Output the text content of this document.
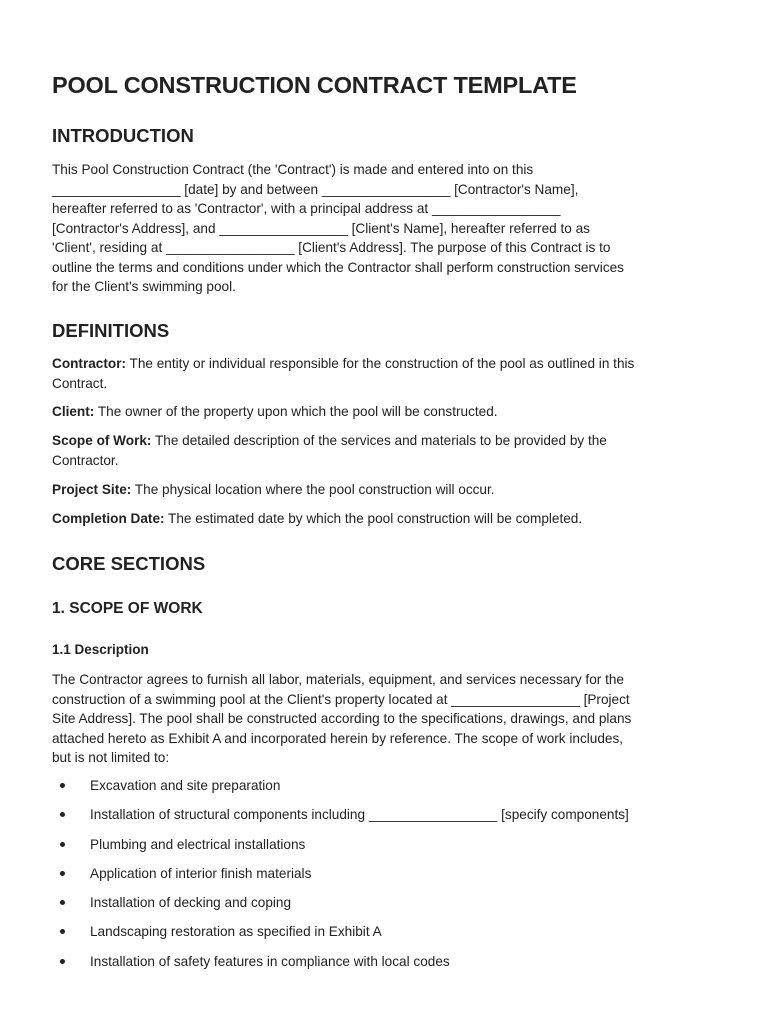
POOL CONSTRUCTION CONTRACT TEMPLATE
INTRODUCTION

This Pool Construction Contract (the 'Contract') is made and entered into on this
_________________ [date] by and between _________________ [Contractor's Name],
hereafter referred to as 'Contractor', with a principal address at _________________
[Contractor's Address], and _________________ [Client's Name], hereafter referred to as
'Client', residing at _________________ [Client's Address]. The purpose of this Contract is to
outline the terms and conditions under which the Contractor shall perform construction services
for the Client's swimming pool.

DEFINITIONS

Contractor: The entity or individual responsible for the construction of the pool as outlined in this
Contract.

Client: The owner of the property upon which the pool will be constructed.

Scope of Work: The detailed description of the services and materials to be provided by the
Contractor.

Project Site: The physical location where the pool construction will occur.

Completion Date: The estimated date by which the pool construction will be completed.

CORE SECTIONS
1. SCOPE OF WORK
1.1 Description

The Contractor agrees to furnish all labor, materials, equipment, and services necessary for the
construction of a swimming pool at the Client's property located at _________________ [Project
Site Address]. The pool shall be constructed according to the specifications, drawings, and plans
attached hereto as Exhibit A and incorporated herein by reference. The scope of work includes,
but is not limited to:

Excavation and site preparation
Installation of structural components including _________________ [specify components]
Plumbing and electrical installations
Application of interior finish materials
Installation of decking and coping
Landscaping restoration as specified in Exhibit A
Installation of safety features in compliance with local codes
